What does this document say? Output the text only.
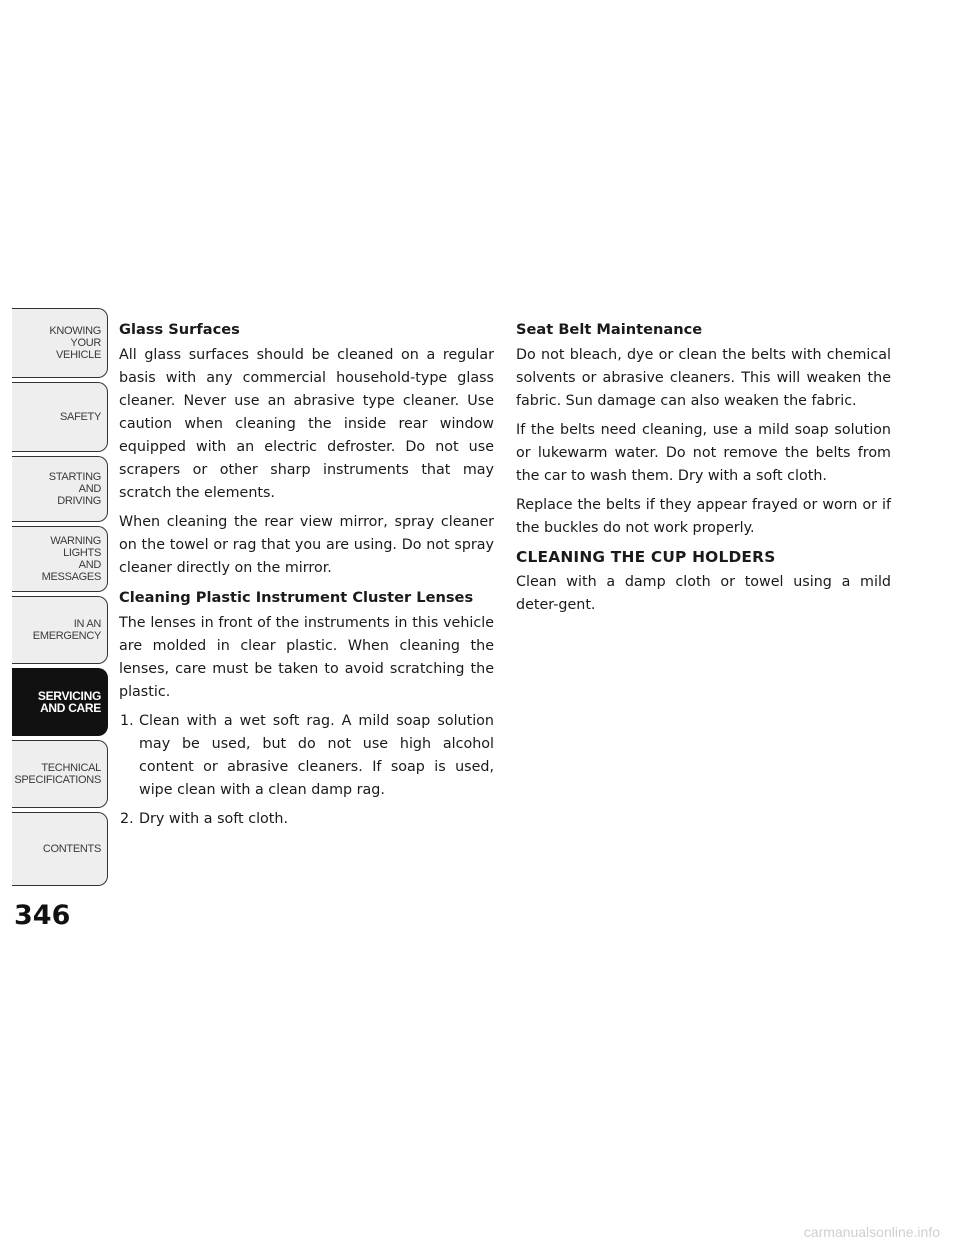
KNOWING
YOUR
VEHICLE
SAFETY
STARTING
AND
DRIVING
WARNING
LIGHTS
AND
MESSAGES
IN AN
EMERGENCY
SERVICING
AND CARE
TECHNICAL
SPECIFICATIONS
CONTENTS
346
Glass Surfaces

All glass surfaces should be cleaned on a regular basis with any commercial household-type glass cleaner. Never use an abrasive type cleaner. Use caution when cleaning the inside rear window equipped with an electric defroster. Do not use scrapers or other sharp instruments that may scratch the elements.

When cleaning the rear view mirror, spray cleaner on the towel or rag that you are using. Do not spray cleaner directly on the mirror.

Cleaning Plastic Instrument Cluster Lenses

The lenses in front of the instruments in this vehicle are molded in clear plastic. When cleaning the lenses, care must be taken to avoid scratching the plastic.

1. Clean with a wet soft rag. A mild soap solution may be used, but do not use high alcohol content or abrasive cleaners. If soap is used, wipe clean with a clean damp rag.
2. Dry with a soft cloth.
Seat Belt Maintenance

Do not bleach, dye or clean the belts with chemical solvents or abrasive cleaners. This will weaken the fabric. Sun damage can also weaken the fabric.

If the belts need cleaning, use a mild soap solution or lukewarm water. Do not remove the belts from the car to wash them. Dry with a soft cloth.

Replace the belts if they appear frayed or worn or if the buckles do not work properly.

CLEANING THE CUP HOLDERS

Clean with a damp cloth or towel using a mild deter-gent.

carmanualsonline.info
